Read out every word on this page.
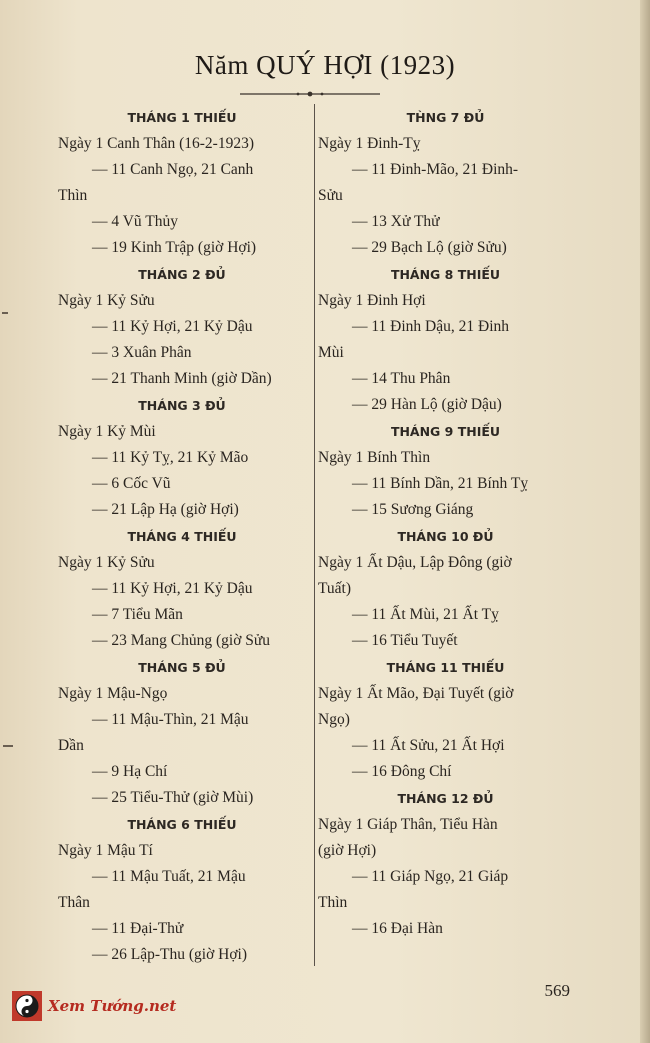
Năm QUÝ HỢI (1923)
THÁNG 1 THIẾU
Ngày 1 Canh Thân (16-2-1923)
— 11 Canh Ngọ, 21 Canh
Thìn
— 4 Vũ Thủy
— 19 Kinh Trập (giờ Hợi)
THÁNG 2 ĐỦ
Ngày 1 Kỷ Sửu
— 11 Kỷ Hợi, 21 Kỷ Dậu
— 3 Xuân Phân
— 21 Thanh Minh (giờ Dần)
THÁNG 3 ĐỦ
Ngày 1 Kỷ Mùi
— 11 Kỷ Tỵ, 21 Kỷ Mão
— 6 Cốc Vũ
— 21 Lập Hạ (giờ Hợi)
THÁNG 4 THIẾU
Ngày 1 Kỷ Sửu
— 11 Kỷ Hợi, 21 Kỷ Dậu
— 7 Tiểu Mãn
— 23 Mang Chủng (giờ Sửu
THÁNG 5 ĐỦ
Ngày 1 Mậu-Ngọ
— 11 Mậu-Thìn, 21 Mậu
Dần
— 9 Hạ Chí
— 25 Tiểu-Thử (giờ Mùi)
THÁNG 6 THIẾU
Ngày 1 Mậu Tí
— 11 Mậu Tuất, 21 Mậu
Thân
— 11 Đại-Thử
— 26 Lập-Thu (giờ Hợi)
TH̀NG 7 ĐỦ
Ngày 1 Đinh-Tỵ
— 11 Đinh-Mão, 21 Đinh-
Sửu
— 13 Xử Thử
— 29 Bạch Lộ (giờ Sửu)
THÁNG 8 THIẾU
Ngày 1 Đinh Hợi
— 11 Đinh Dậu, 21 Đinh
Mùi
— 14 Thu Phân
— 29 Hàn Lộ (giờ Dậu)
THÁNG 9 THIẾU
Ngày 1 Bính Thìn
— 11 Bính Dần, 21 Bính Tỵ
— 15 Sương Giáng
THÁNG 10 ĐỦ
Ngày 1 Ất Dậu, Lập Đông (giờ
Tuất)
— 11 Ất Mùi, 21 Ất Tỵ
— 16 Tiểu Tuyết
THÁNG 11 THIẾU
Ngày 1 Ất Mão, Đại Tuyết (giờ
Ngọ)
— 11 Ất Sửu, 21 Ất Hợi
— 16 Đông Chí
THÁNG 12 ĐỦ
Ngày 1 Giáp Thân, Tiểu Hàn
(giờ Hợi)
— 11 Giáp Ngọ, 21 Giáp
Thìn
— 16 Đại Hàn
569
Xem Tướng.net
